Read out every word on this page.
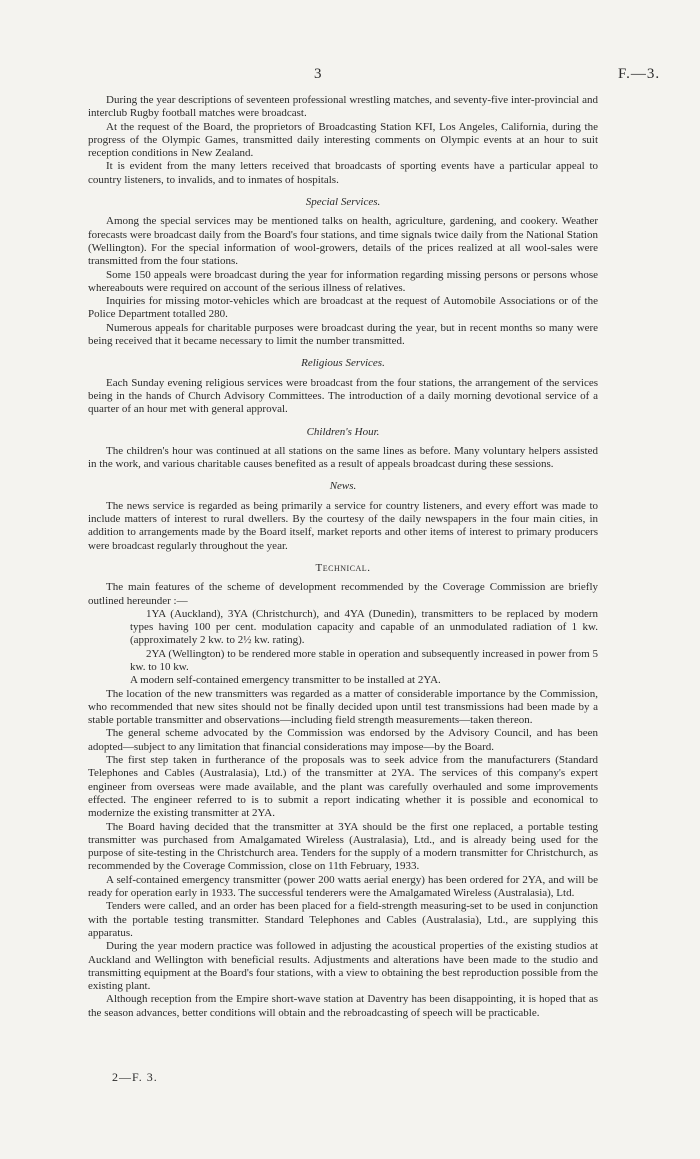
3	F.—3.

During the year descriptions of seventeen professional wrestling matches, and seventy-five inter-provincial and interclub Rugby football matches were broadcast.

At the request of the Board, the proprietors of Broadcasting Station KFI, Los Angeles, California, during the progress of the Olympic Games, transmitted daily interesting comments on Olympic events at an hour to suit reception conditions in New Zealand.

It is evident from the many letters received that broadcasts of sporting events have a particular appeal to country listeners, to invalids, and to inmates of hospitals.

Special Services.

Among the special services may be mentioned talks on health, agriculture, gardening, and cookery. Weather forecasts were broadcast daily from the Board's four stations, and time signals twice daily from the National Station (Wellington). For the special information of wool-growers, details of the prices realized at all wool-sales were transmitted from the four stations.

Some 150 appeals were broadcast during the year for information regarding missing persons or persons whose whereabouts were required on account of the serious illness of relatives.

Inquiries for missing motor-vehicles which are broadcast at the request of Automobile Associations or of the Police Department totalled 280.

Numerous appeals for charitable purposes were broadcast during the year, but in recent months so many were being received that it became necessary to limit the number transmitted.

Religious Services.

Each Sunday evening religious services were broadcast from the four stations, the arrangement of the services being in the hands of Church Advisory Committees. The introduction of a daily morning devotional service of a quarter of an hour met with general approval.

Children's Hour.

The children's hour was continued at all stations on the same lines as before. Many voluntary helpers assisted in the work, and various charitable causes benefited as a result of appeals broadcast during these sessions.

News.

The news service is regarded as being primarily a service for country listeners, and every effort was made to include matters of interest to rural dwellers. By the courtesy of the daily newspapers in the four main cities, in addition to arrangements made by the Board itself, market reports and other items of interest to primary producers were broadcast regularly throughout the year.

Technical.

The main features of the scheme of development recommended by the Coverage Commission are briefly outlined hereunder :—

1YA (Auckland), 3YA (Christchurch), and 4YA (Dunedin), transmitters to be replaced by modern types having 100 per cent. modulation capacity and capable of an unmodulated radiation of 1 kw. (approximately 2 kw. to 2½ kw. rating).

2YA (Wellington) to be rendered more stable in operation and subsequently increased in power from 5 kw. to 10 kw.

A modern self-contained emergency transmitter to be installed at 2YA.

The location of the new transmitters was regarded as a matter of considerable importance by the Commission, who recommended that new sites should not be finally decided upon until test transmissions had been made by a stable portable transmitter and observations—including field strength measurements—taken thereon.

The general scheme advocated by the Commission was endorsed by the Advisory Council, and has been adopted—subject to any limitation that financial considerations may impose—by the Board.

The first step taken in furtherance of the proposals was to seek advice from the manufacturers (Standard Telephones and Cables (Australasia), Ltd.) of the transmitter at 2YA. The services of this company's expert engineer from overseas were made available, and the plant was carefully overhauled and some improvements effected. The engineer referred to is to submit a report indicating whether it is possible and economical to modernize the existing transmitter at 2YA.

The Board having decided that the transmitter at 3YA should be the first one replaced, a portable testing transmitter was purchased from Amalgamated Wireless (Australasia), Ltd., and is already being used for the purpose of site-testing in the Christchurch area. Tenders for the supply of a modern transmitter for Christchurch, as recommended by the Coverage Commission, close on 11th February, 1933.

A self-contained emergency transmitter (power 200 watts aerial energy) has been ordered for 2YA, and will be ready for operation early in 1933. The successful tenderers were the Amalgamated Wireless (Australasia), Ltd.

Tenders were called, and an order has been placed for a field-strength measuring-set to be used in conjunction with the portable testing transmitter. Standard Telephones and Cables (Australasia), Ltd., are supplying this apparatus.

During the year modern practice was followed in adjusting the acoustical properties of the existing studios at Auckland and Wellington with beneficial results. Adjustments and alterations have been made to the studio and transmitting equipment at the Board's four stations, with a view to obtaining the best reproduction possible from the existing plant.

Although reception from the Empire short-wave station at Daventry has been disappointing, it is hoped that as the season advances, better conditions will obtain and the rebroadcasting of speech will be practicable.

2—F. 3.
